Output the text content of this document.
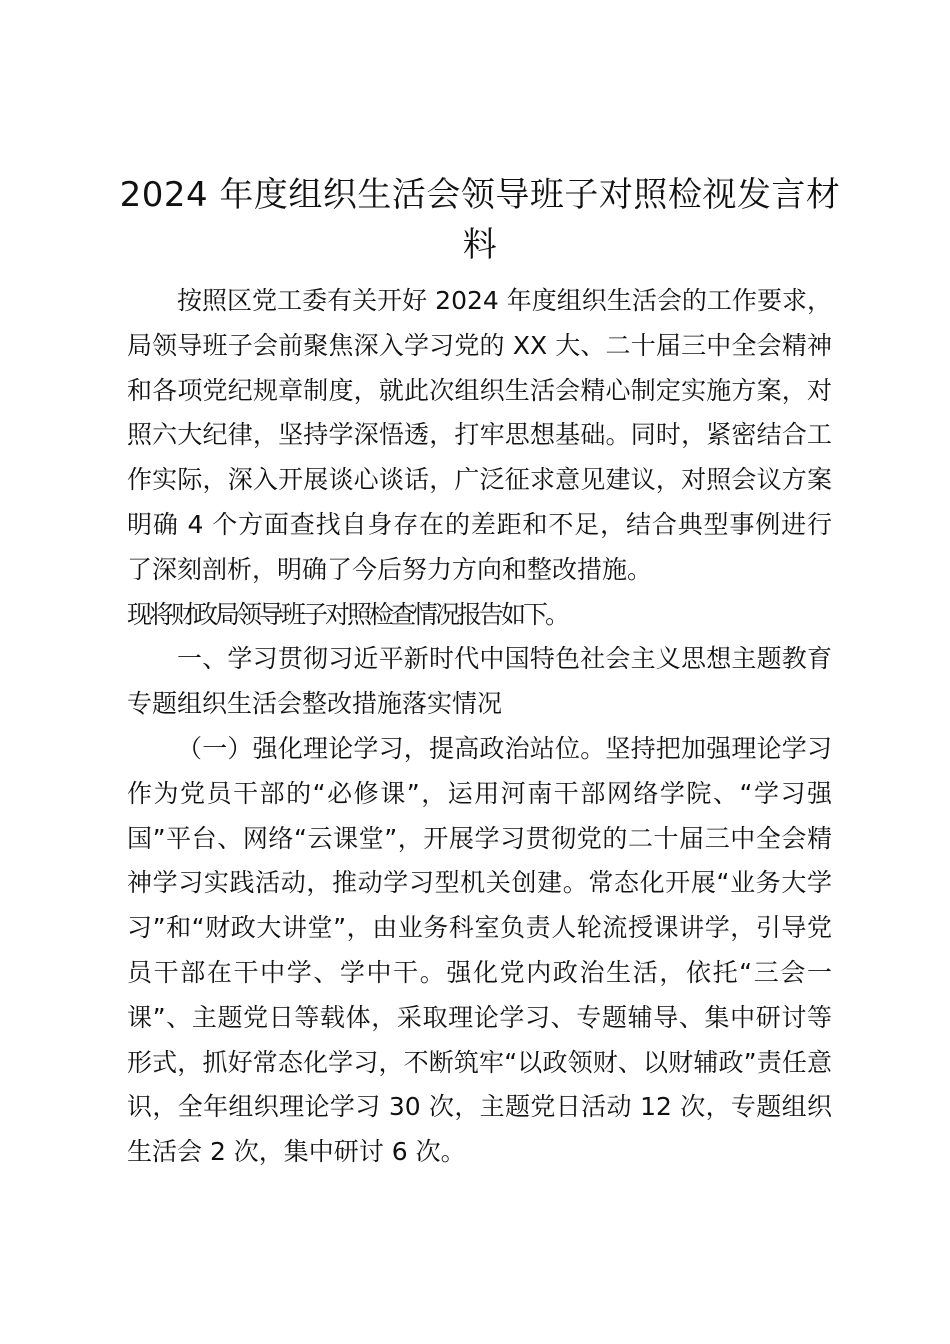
2024 年度组织生活会领导班子对照检视发言材料

按照区党工委有关开好 2024 年度组织生活会的工作要求，局领导班子会前聚焦深入学习党的 XX 大、二十届三中全会精神和各项党纪规章制度，就此次组织生活会精心制定实施方案，对照六大纪律，坚持学深悟透，打牢思想基础。同时，紧密结合工作实际，深入开展谈心谈话，广泛征求意见建议，对照会议方案明确 4 个方面查找自身存在的差距和不足，结合典型事例进行了深刻剖析，明确了今后努力方向和整改措施。

现将财政局领导班子对照检查情况报告如下。

一、学习贯彻习近平新时代中国特色社会主义思想主题教育专题组织生活会整改措施落实情况

（一）强化理论学习，提高政治站位。坚持把加强理论学习作为党员干部的“必修课”，运用河南干部网络学院、“学习强国”平台、网络“云课堂”，开展学习贯彻党的二十届三中全会精神学习实践活动，推动学习型机关创建。常态化开展“业务大学习”和“财政大讲堂”，由业务科室负责人轮流授课讲学，引导党员干部在干中学、学中干。强化党内政治生活，依托“三会一课”、主题党日等载体，采取理论学习、专题辅导、集中研讨等形式，抓好常态化学习，不断筑牢“以政领财、以财辅政”责任意识，全年组织理论学习 30 次，主题党日活动 12 次，专题组织生活会 2 次，集中研讨 6 次。
